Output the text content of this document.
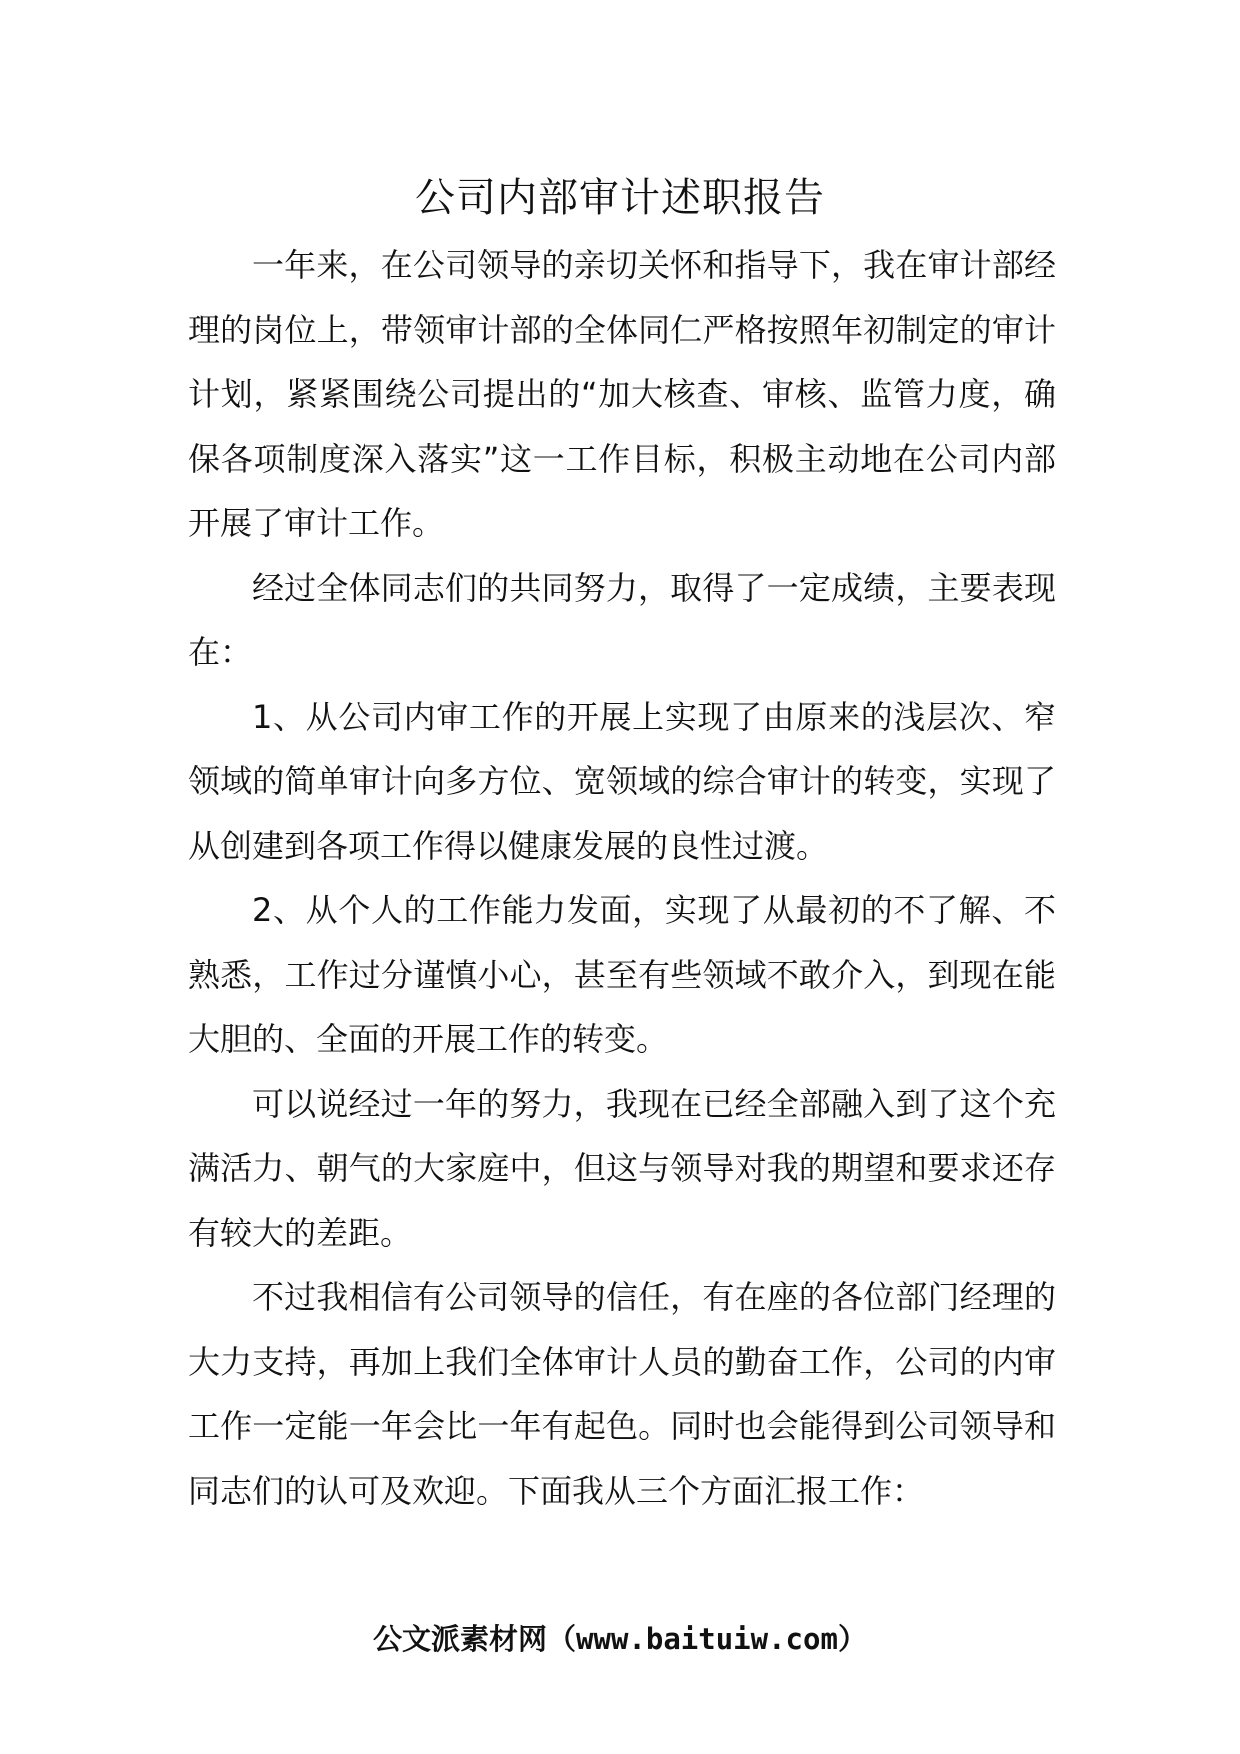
公司内部审计述职报告

一年来，在公司领导的亲切关怀和指导下，我在审计部经理的岗位上，带领审计部的全体同仁严格按照年初制定的审计计划，紧紧围绕公司提出的“加大核查、审核、监管力度，确保各项制度深入落实”这一工作目标，积极主动地在公司内部开展了审计工作。

经过全体同志们的共同努力，取得了一定成绩，主要表现在：

1、从公司内审工作的开展上实现了由原来的浅层次、窄领域的简单审计向多方位、宽领域的综合审计的转变，实现了从创建到各项工作得以健康发展的良性过渡。

2、从个人的工作能力发面，实现了从最初的不了解、不熟悉，工作过分谨慎小心，甚至有些领域不敢介入，到现在能大胆的、全面的开展工作的转变。

可以说经过一年的努力，我现在已经全部融入到了这个充满活力、朝气的大家庭中，但这与领导对我的期望和要求还存有较大的差距。

不过我相信有公司领导的信任，有在座的各位部门经理的大力支持，再加上我们全体审计人员的勤奋工作，公司的内审工作一定能一年会比一年有起色。同时也会能得到公司领导和同志们的认可及欢迎。下面我从三个方面汇报工作：

公文派素材网（www.baituiw.com）
